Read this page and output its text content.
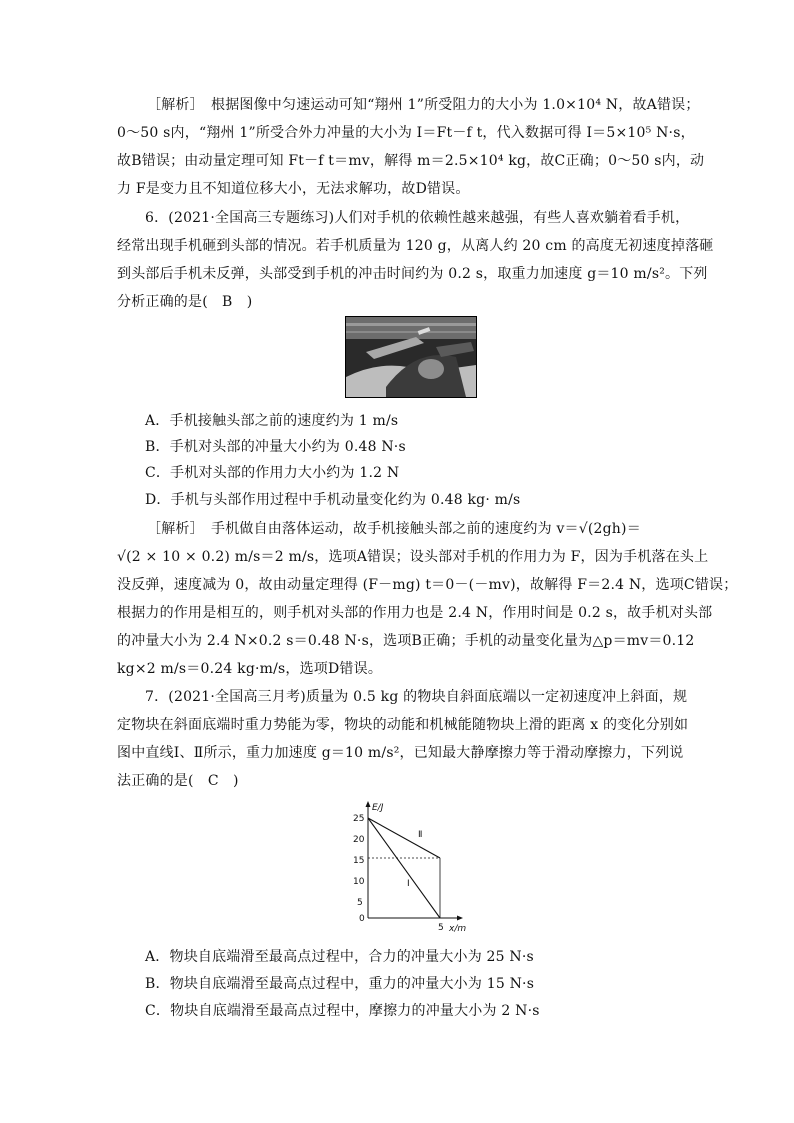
［解析］　根据图像中匀速运动可知“翔州 1”所受阻力的大小为 1.0×10⁴ N，故A错误；
0～50 s内，“翔州 1”所受合外力冲量的大小为 I＝Ft－f t，代入数据可得 I＝5×10⁵ N·s，
故B错误；由动量定理可知 Ft－f t＝mv，解得 m＝2.5×10⁴ kg，故C正确；0～50 s内，动
力 F是变力且不知道位移大小，无法求解功，故D错误。
6．(2021·全国高三专题练习)人们对手机的依赖性越来越强，有些人喜欢躺着看手机，
经常出现手机砸到头部的情况。若手机质量为 120 g，从离人约 20 cm 的高度无初速度掉落砸
到头部后手机未反弹，头部受到手机的冲击时间约为 0.2 s，取重力加速度 g＝10 m/s²。下列
分析正确的是(　B　)
A．手机接触头部之前的速度约为 1 m/s
B．手机对头部的冲量大小约为 0.48 N·s
C．手机对头部的作用力大小约为 1.2 N
D．手机与头部作用过程中手机动量变化约为 0.48 kg· m/s
［解析］　手机做自由落体运动，故手机接触头部之前的速度约为 v＝√(2gh)＝
√(2 × 10 × 0.2) m/s＝2 m/s，选项A错误；设头部对手机的作用力为 F，因为手机落在头上
没反弹，速度减为 0，故由动量定理得 (F－mg) t＝0－(－mv)，故解得 F＝2.4 N，选项C错误；
根据力的作用是相互的，则手机对头部的作用力也是 2.4 N，作用时间是 0.2 s，故手机对头部
的冲量大小为 2.4 N×0.2 s＝0.48 N·s，选项B正确；手机的动量变化量为△p＝mv＝0.12
kg×2 m/s＝0.24 kg·m/s，选项D错误。
7．(2021·全国高三月考)质量为 0.5 kg 的物块自斜面底端以一定初速度冲上斜面，规
定物块在斜面底端时重力势能为零，物块的动能和机械能随物块上滑的距离 x 的变化分别如
图中直线Ⅰ、Ⅱ所示，重力加速度 g＝10 m/s²，已知最大静摩擦力等于滑动摩擦力，下列说
法正确的是(　C　)
E/J
x/m
25
20
15
10
5
0
5
Ⅱ
Ⅰ
A．物块自底端滑至最高点过程中，合力的冲量大小为 25 N·s
B．物块自底端滑至最高点过程中，重力的冲量大小为 15 N·s
C．物块自底端滑至最高点过程中，摩擦力的冲量大小为 2 N·s
